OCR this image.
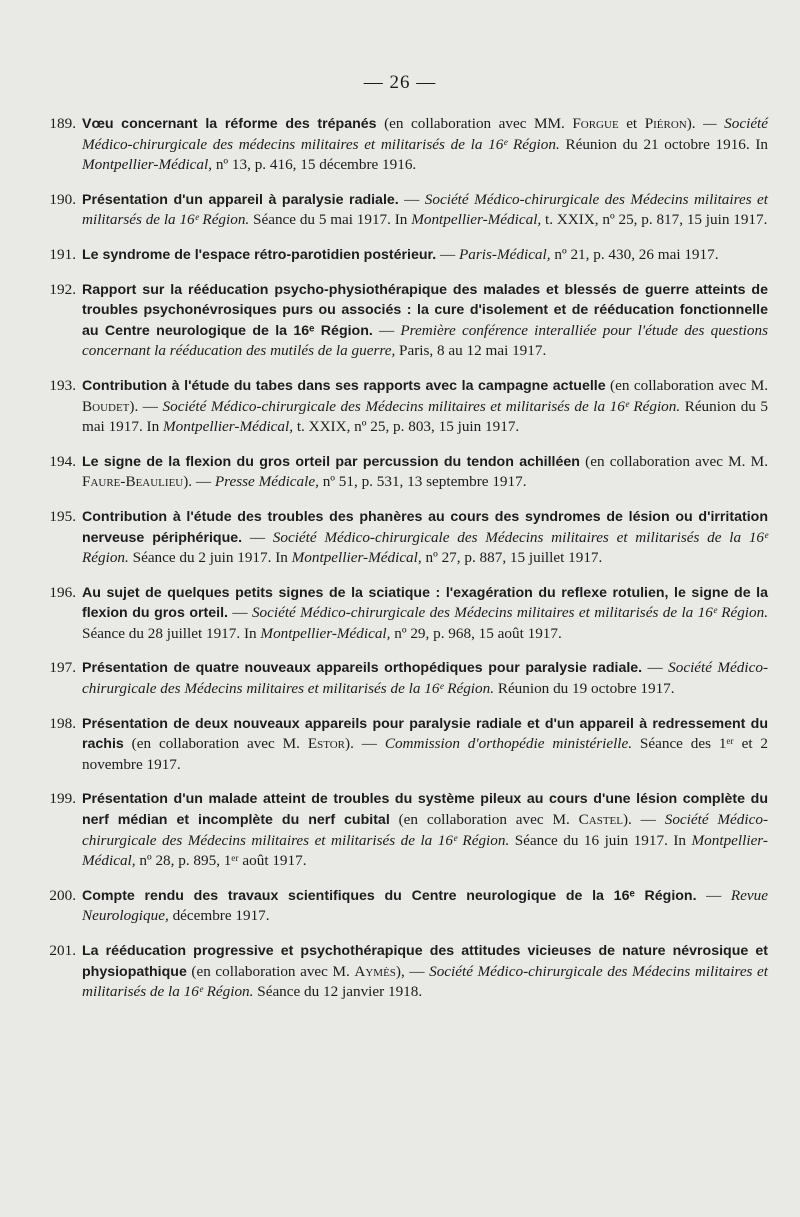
— 26 —
189. Vœu concernant la réforme des trépanés (en collaboration avec MM. Forgue et Piéron). — Société Médico-chirurgicale des médecins militaires et militarisés de la 16ᵉ Région. Réunion du 21 octobre 1916. In Montpellier-Médical, nº 13, p. 416, 15 décembre 1916.
190. Présentation d'un appareil à paralysie radiale. — Société Médico-chirurgicale des Médecins militaires et militarsés de la 16ᵉ Région. Séance du 5 mai 1917. In Montpellier-Médical, t. XXIX, nº 25, p. 817, 15 juin 1917.
191. Le syndrome de l'espace rétro-parotidien postérieur. — Paris-Médical, nº 21, p. 430, 26 mai 1917.
192. Rapport sur la rééducation psycho-physiothérapique des malades et blessés de guerre atteints de troubles psychonévrosiques purs ou associés : la cure d'isolement et de rééducation fonctionnelle au Centre neurologique de la 16ᵉ Région. — Première conférence interalliée pour l'étude des questions concernant la rééducation des mutilés de la guerre, Paris, 8 au 12 mai 1917.
193. Contribution à l'étude du tabes dans ses rapports avec la campagne actuelle (en collaboration avec M. Boudet). — Société Médico-chirurgicale des Médecins militaires et militarisés de la 16ᵉ Région. Réunion du 5 mai 1917. In Montpellier-Médical, t. XXIX, nº 25, p. 803, 15 juin 1917.
194. Le signe de la flexion du gros orteil par percussion du tendon achilléen (en collaboration avec M. M. Faure-Beaulieu). — Presse Médicale, nº 51, p. 531, 13 septembre 1917.
195. Contribution à l'étude des troubles des phanères au cours des syndromes de lésion ou d'irritation nerveuse périphérique. — Société Médico-chirurgicale des Médecins militaires et militarisés de la 16ᵉ Région. Séance du 2 juin 1917. In Montpellier-Médical, nº 27, p. 887, 15 juillet 1917.
196. Au sujet de quelques petits signes de la sciatique : l'exagération du reflexe rotulien, le signe de la flexion du gros orteil. — Société Médico-chirurgicale des Médecins militaires et militarisés de la 16ᵉ Région. Séance du 28 juillet 1917. In Montpellier-Médical, nº 29, p. 968, 15 août 1917.
197. Présentation de quatre nouveaux appareils orthopédiques pour paralysie radiale. — Société Médico-chirurgicale des Médecins militaires et militarisés de la 16ᵉ Région. Réunion du 19 octobre 1917.
198. Présentation de deux nouveaux appareils pour paralysie radiale et d'un appareil à redressement du rachis (en collaboration avec M. Estor). — Commission d'orthopédie ministérielle. Séance des 1ᵉʳ et 2 novembre 1917.
199. Présentation d'un malade atteint de troubles du système pileux au cours d'une lésion complète du nerf médian et incomplète du nerf cubital (en collaboration avec M. Castel). — Société Médico-chirurgicale des Médecins militaires et militarisés de la 16ᵉ Région. Séance du 16 juin 1917. In Montpellier-Médical, nº 28, p. 895, 1ᵉʳ août 1917.
200. Compte rendu des travaux scientifiques du Centre neurologique de la 16ᵉ Région. — Revue Neurologique, décembre 1917.
201. La rééducation progressive et psychothérapique des attitudes vicieuses de nature névrosique et physiopathique (en collaboration avec M. Aymès), — Société Médico-chirurgicale des Médecins militaires et militarisés de la 16ᵉ Région. Séance du 12 janvier 1918.
